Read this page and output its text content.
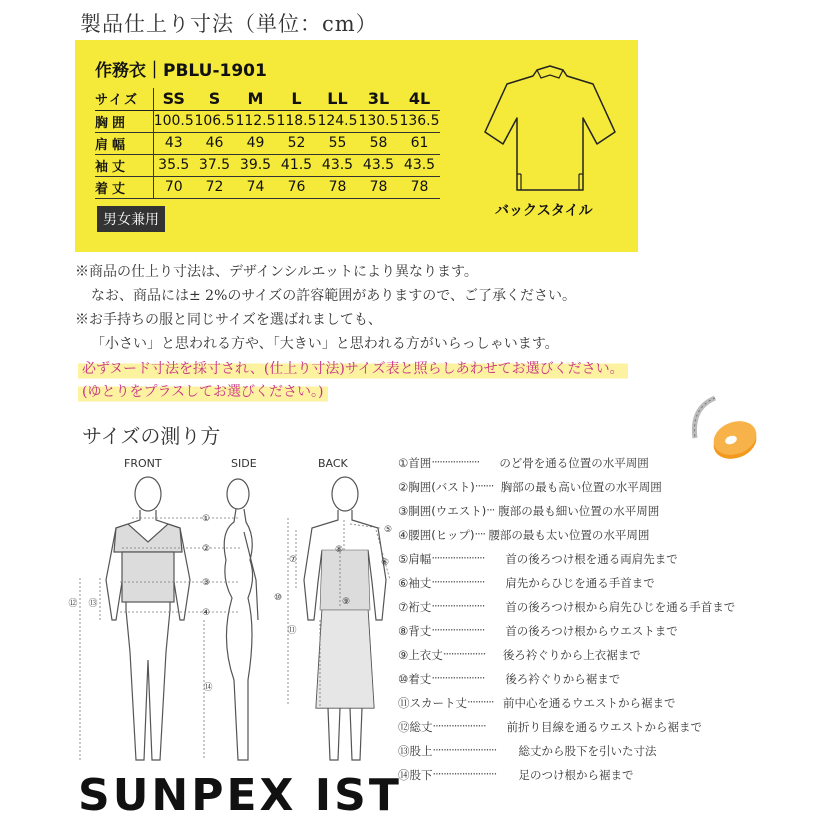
製品仕上り寸法（単位：cm）
作務衣｜PBLU-1901
サイズ	SS	S	M	L	LL	3L	4L
胸囲	100.5	106.5	112.5	118.5	124.5	130.5	136.5
肩幅	43	46	49	52	55	58	61
袖丈	35.5	37.5	39.5	41.5	43.5	43.5	43.5
着丈	70	72	74	76	78	78	78
男女兼用
バックスタイル
※商品の仕上り寸法は、デザインシルエットにより異なります。
なお、商品には± 2%のサイズの許容範囲がありますので、ご了承ください。
※お手持ちの服と同じサイズを選ばれましても、
「小さい」と思われる方や、「大きい」と思われる方がいらっしゃいます。
必ずヌード寸法を採寸され、(仕上り寸法)サイズ表と照らしあわせてお選びください。
(ゆとりをプラスしてお選びください。)
サイズの測り方
FRONT	SIDE	BACK
①
②
③
④
⑫ ⑬
⑭
⑤
⑥
⑦
⑧
⑨
⑩
⑪
①首囲 ··················	のど骨を通る位置の水平周囲
②胸囲(バスト) ······· 胸部の最も高い位置の水平周囲
③胴囲(ウエスト) ··· 腹部の最も細い位置の水平周囲
④腰囲(ヒップ) ···· 腰部の最も太い位置の水平周囲
⑤肩幅 ····················	首の後ろつけ根を通る両肩先まで
⑥袖丈 ····················	肩先からひじを通る手首まで
⑦裄丈 ····················	首の後ろつけ根から肩先ひじを通る手首まで
⑧背丈 ····················	首の後ろつけ根からウエストまで
⑨上衣丈 ················	後ろ衿ぐりから上衣裾まで
⑩着丈 ····················	後ろ衿ぐりから裾まで
⑪スカート丈 ·········· 前中心を通るウエストから裾まで
⑫総丈 ····················	前折り目線を通るウエストから裾まで
⑬股上 ························	総丈から股下を引いた寸法
⑭股下 ························	足のつけ根から裾まで
SUNPEX IST
